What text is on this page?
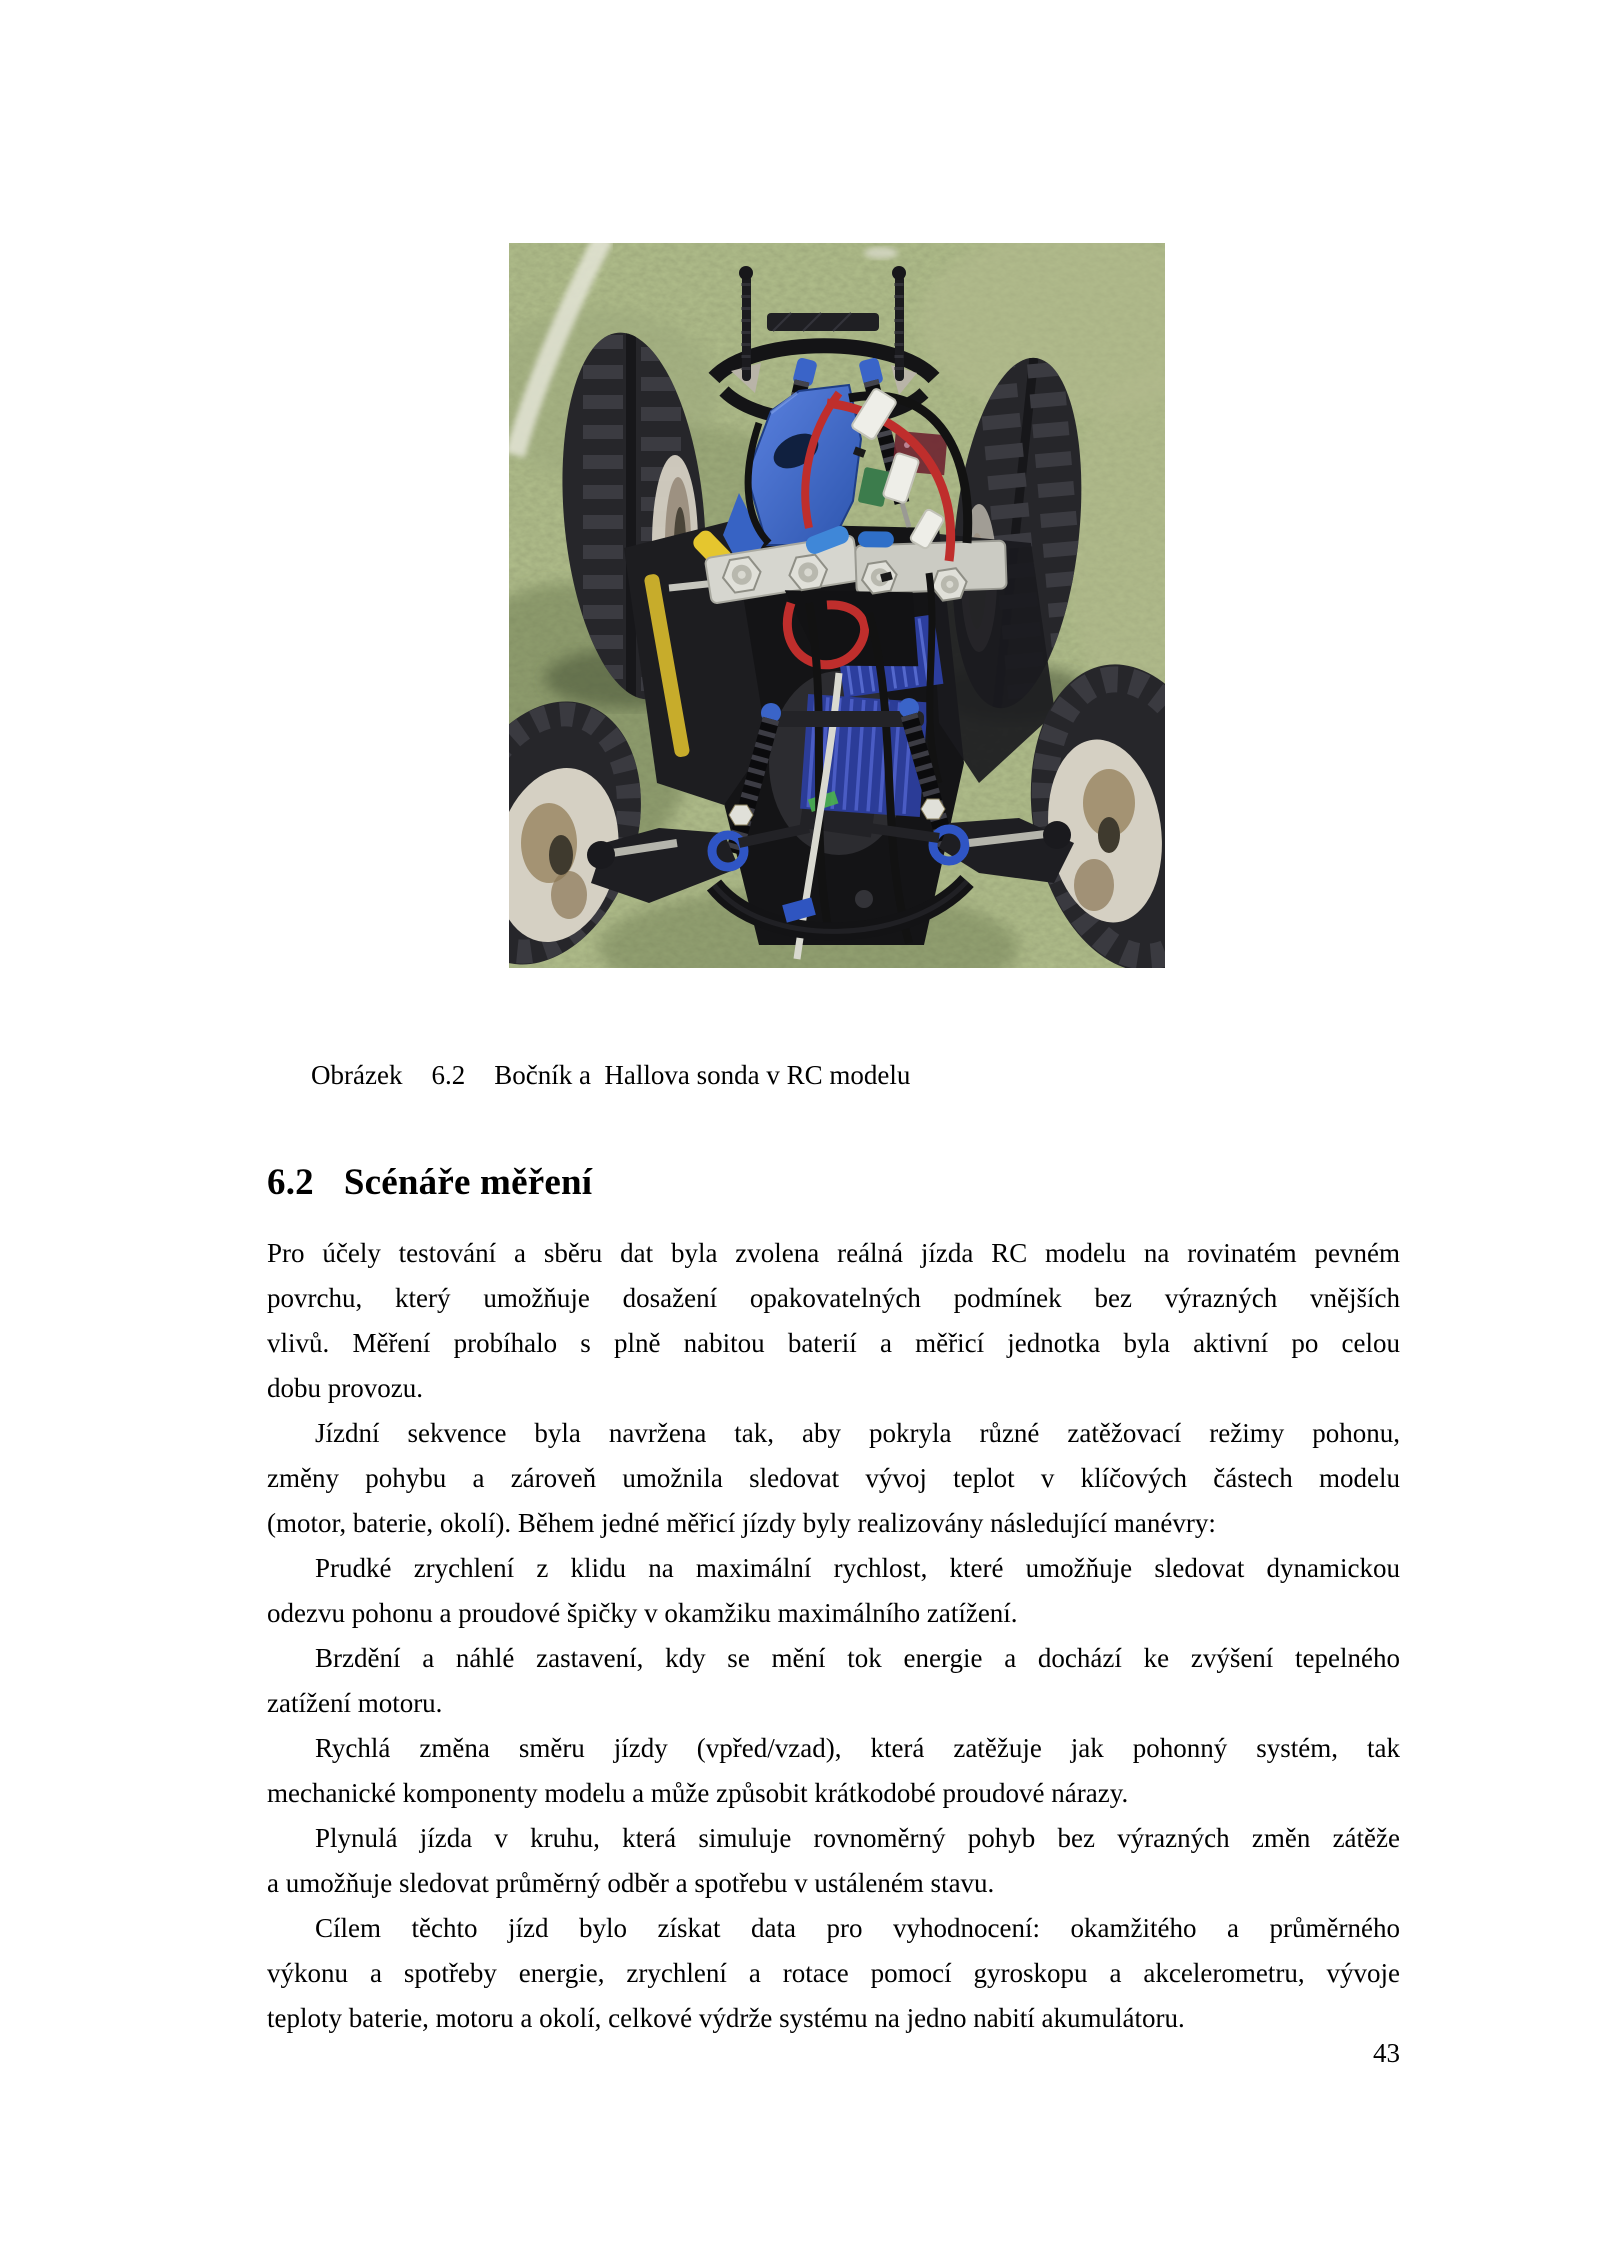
Obrázek 6.2 Bočník a  Hallova sonda v RC modelu

6.2 Scénáře měření
Pro účely testování a sběru dat byla zvolena reálná jízda RC modelu na rovinatém pevném
povrchu, který umožňuje dosažení opakovatelných podmínek bez výrazných vnějších
vlivů. Měření probíhalo s plně nabitou baterií a měřicí jednotka byla aktivní po celou
dobu provozu.
Jízdní sekvence byla navržena tak, aby pokryla různé zatěžovací režimy pohonu,
změny pohybu a zároveň umožnila sledovat vývoj teplot v klíčových částech modelu
(motor, baterie, okolí). Během jedné měřicí jízdy byly realizovány následující manévry:
Prudké zrychlení z klidu na maximální rychlost, které umožňuje sledovat dynamickou
odezvu pohonu a proudové špičky v okamžiku maximálního zatížení.
Brzdění a náhlé zastavení, kdy se mění tok energie a dochází ke zvýšení tepelného
zatížení motoru.
Rychlá změna směru jízdy (vpřed/vzad), která zatěžuje jak pohonný systém, tak
mechanické komponenty modelu a může způsobit krátkodobé proudové nárazy.
Plynulá jízda v kruhu, která simuluje rovnoměrný pohyb bez výrazných změn zátěže
a umožňuje sledovat průměrný odběr a spotřebu v ustáleném stavu.
Cílem těchto jízd bylo získat data pro vyhodnocení: okamžitého a průměrného
výkonu a spotřeby energie, zrychlení a rotace pomocí gyroskopu a akcelerometru, vývoje
teploty baterie, motoru a okolí, celkové výdrže systému na jedno nabití akumulátoru.
43
